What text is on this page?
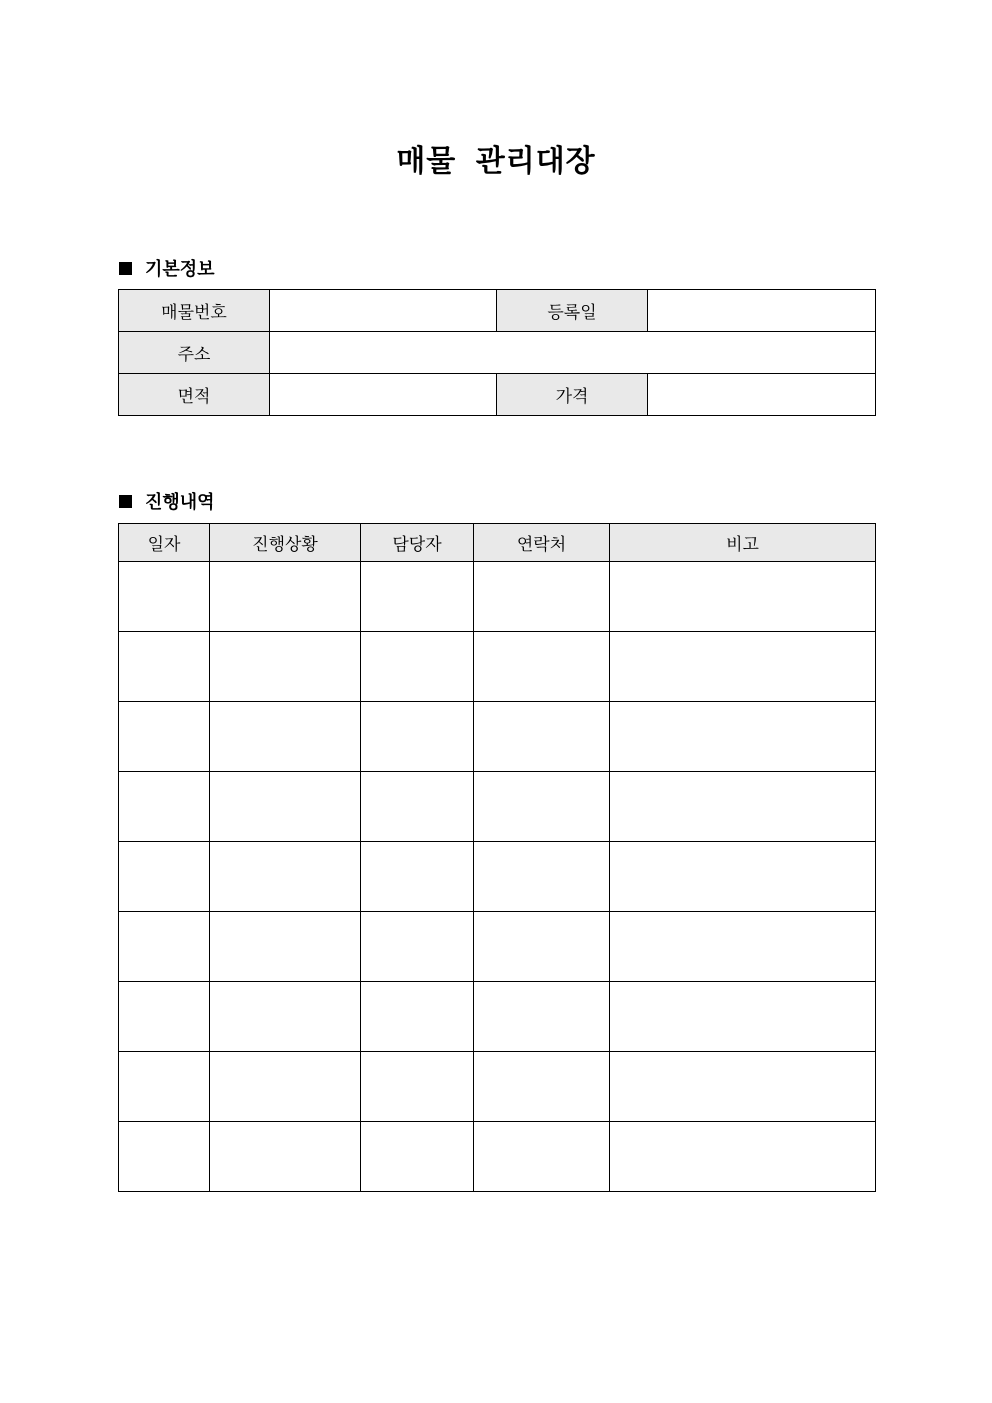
매물 관리대장
기본정보
매물번호		등록일	
주소			
면적		가격	
진행내역
일자	진행상황	담당자	연락처	비고
